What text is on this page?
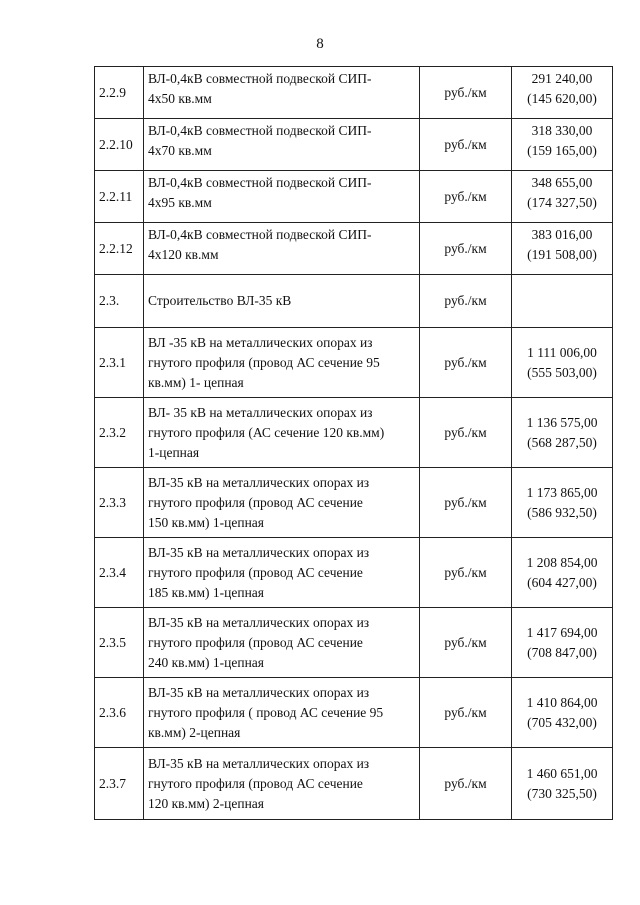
8
2.2.9	ВЛ-0,4кВ совместной подвеской СИП-
4х50 кв.мм	руб./км	291 240,00
(145 620,00)

2.2.10	ВЛ-0,4кВ совместной подвеской СИП-
4х70 кв.мм	руб./км	318 330,00
(159 165,00)

2.2.11	ВЛ-0,4кВ совместной подвеской СИП-
4х95 кв.мм	руб./км	348 655,00
(174 327,50)

2.2.12	ВЛ-0,4кВ совместной подвеской СИП-
4х120 кв.мм	руб./км	383 016,00
(191 508,00)

2.3.	Строительство ВЛ-35 кВ	руб./км	
2.3.1	ВЛ -35 кВ на металлических опорах из
гнутого профиля (провод АС сечение 95
кв.мм) 1- цепная	руб./км	1 111 006,00
(555 503,00)

2.3.2	ВЛ- 35 кВ на металлических опорах из
гнутого профиля (АС сечение 120 кв.мм)
1-цепная	руб./км	1 136 575,00
(568 287,50)

2.3.3	ВЛ-35 кВ на металлических опорах из
гнутого профиля (провод АС сечение
150 кв.мм) 1-цепная	руб./км	1 173 865,00
(586 932,50)

2.3.4	ВЛ-35 кВ на металлических опорах из
гнутого профиля (провод АС сечение
185 кв.мм) 1-цепная	руб./км	1 208 854,00
(604 427,00)

2.3.5	ВЛ-35 кВ на металлических опорах из
гнутого профиля (провод АС сечение
240 кв.мм) 1-цепная	руб./км	1 417 694,00
(708 847,00)

2.3.6	ВЛ-35 кВ на металлических опорах из
гнутого профиля ( провод АС сечение 95
кв.мм) 2-цепная	руб./км	1 410 864,00
(705 432,00)

2.3.7	ВЛ-35 кВ на металлических опорах из
гнутого профиля (провод АС сечение
120 кв.мм) 2-цепная	руб./км	1 460 651,00
(730 325,50)
